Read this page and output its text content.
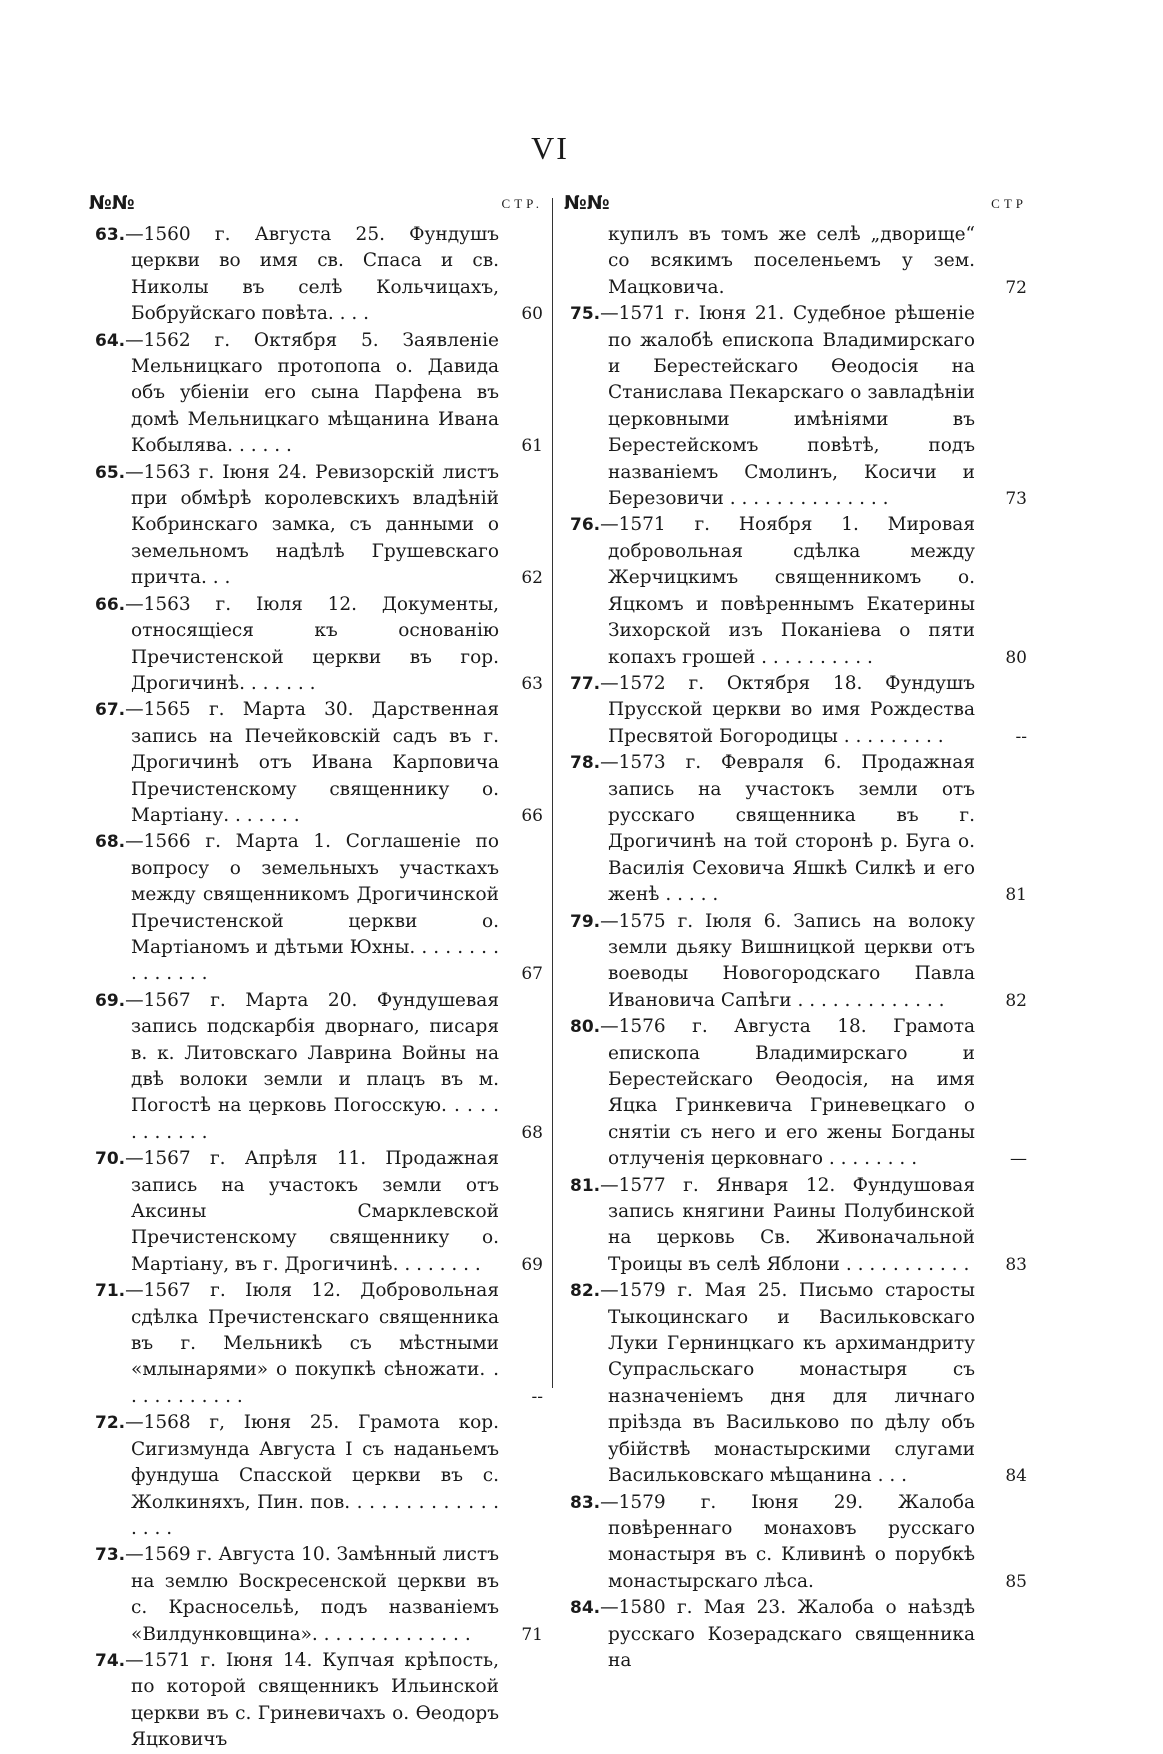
VI
№№	СТР.
63.—1560 г. Августа 25. Фундушъ церкви во имя св. Спаса и св. Николы въ селѣ Кольчицахъ, Бобруйскаго повѣта. . . .	60
64.—1562 г. Октября 5. Заявленіе Мельницкаго протопопа о. Давида объ убіеніи его сына Парфена въ домѣ Мельницкаго мѣщанина Ивана Кобылява. . . . . .	61
65.—1563 г. Іюня 24. Ревизорскій листъ при обмѣрѣ королевскихъ владѣній Кобринскаго замка, съ данными о земельномъ надѣлѣ Грушевскаго причта. . .	62
66.—1563 г. Іюля 12. Документы, относящіеся къ основанію Пречистенской церкви въ гор. Дрогичинѣ. . . . . . .	63
67.—1565 г. Марта 30. Дарственная запись на Печейковскій садъ въ г. Дрогичинѣ отъ Ивана Карповича Пречистенскому священнику о. Мартіану. . . . . . .	66
68.—1566 г. Марта 1. Соглашеніе по вопросу о земельныхъ участкахъ между священникомъ Дрогичинской Пречистенской церкви о. Мартіаномъ и дѣтьми Юхны. . . . . . . . . . . . . . .	67
69.—1567 г. Марта 20. Фундушевая запись подскарбія дворнаго, писаря в. к. Литовскаго Лаврина Войны на двѣ волоки земли и плацъ въ м. Погостѣ на церковь Погосскую. . . . . . . . . . . .	68
70.—1567 г. Апрѣля 11. Продажная запись на участокъ земли отъ Аксины Смарклевской Пречистенскому священнику о. Мартіану, въ г. Дрогичинѣ. . . . . . . .	69
71.—1567 г. Іюля 12. Добровольная сдѣлка Пречистенскаго священника въ г. Мельникѣ съ мѣстными «млынарями» о покупкѣ сѣножати. . . . . . . . . . . .	--
72.—1568 г, Іюня 25. Грамота кор. Сигизмунда Августа І съ наданьемъ фундуша Спасской церкви въ с. Жолкиняхъ, Пин. пов. . . . . . . . . . . . . . . . .
73.—1569 г. Августа 10. Замѣнный листъ на землю Воскресенской церкви въ с. Красносельѣ, подъ названіемъ «Вилдунковщина». . . . . . . . . . . . . .	71
74.—1571 г. Іюня 14. Купчая крѣпость, по которой священникъ Ильинской церкви въ с. Гриневичахъ о. Ѳеодоръ Яцковичъ
№№	СТР
купилъ въ томъ же селѣ „дворище“ со всякимъ поселеньемъ у зем. Мацковича.	72
75.—1571 г. Іюня 21. Судебное рѣшеніе по жалобѣ епископа Владимирскаго и Берестейскаго Ѳеодосія на Станислава Пекарскаго о завладѣніи церковными имѣніями въ Берестейскомъ повѣтѣ, подъ названіемъ Смолинъ, Косичи и Березовичи . . . . . . . . . . . . . .	73
76.—1571 г. Ноября 1. Мировая добровольная сдѣлка между Жерчицкимъ священникомъ о. Яцкомъ и повѣреннымъ Екатерины Зихорской изъ Поканіева о пяти копахъ грошей . . . . . . . . . .	80
77.—1572 г. Октября 18. Фундушъ Прусской церкви во имя Рождества Пресвятой Богородицы . . . . . . . . .	--
78.—1573 г. Февраля 6. Продажная запись на участокъ земли отъ русскаго священника въ г. Дрогичинѣ на той сторонѣ р. Буга о. Василія Сеховича Яшкѣ Силкѣ и его женѣ . . . . .	81
79.—1575 г. Іюля 6. Запись на волоку земли дьяку Вишницкой церкви отъ воеводы Новогородскаго Павла Ивановича Сапѣги . . . . . . . . . . . . .	82
80.—1576 г. Августа 18. Грамота епископа Владимирскаго и Берестейскаго Ѳеодосія, на имя Яцка Гринкевича Гриневецкаго о снятіи съ него и его жены Богданы отлученія церковнаго . . . . . . . .	—
81.—1577 г. Января 12. Фундушовая запись княгини Раины Полубинской на церковь Св. Живоначальной Троицы въ селѣ Яблони . . . . . . . . . . .	83
82.—1579 г. Мая 25. Письмо старосты Тыкоцинскаго и Васильковскаго Луки Гернинцкаго къ архимандриту Супрасльскаго монастыря съ назначеніемъ дня для личнаго пріѣзда въ Васильково по дѣлу объ убійствѣ монастырскими слугами Васильковскаго мѣщанина . . .	84
83.—1579 г. Іюня 29. Жалоба повѣреннаго монаховъ русскаго монастыря въ с. Кливинѣ о порубкѣ монастырскаго лѣса.	85
84.—1580 г. Мая 23. Жалоба о наѣздѣ русскаго Козерадскаго священника на
